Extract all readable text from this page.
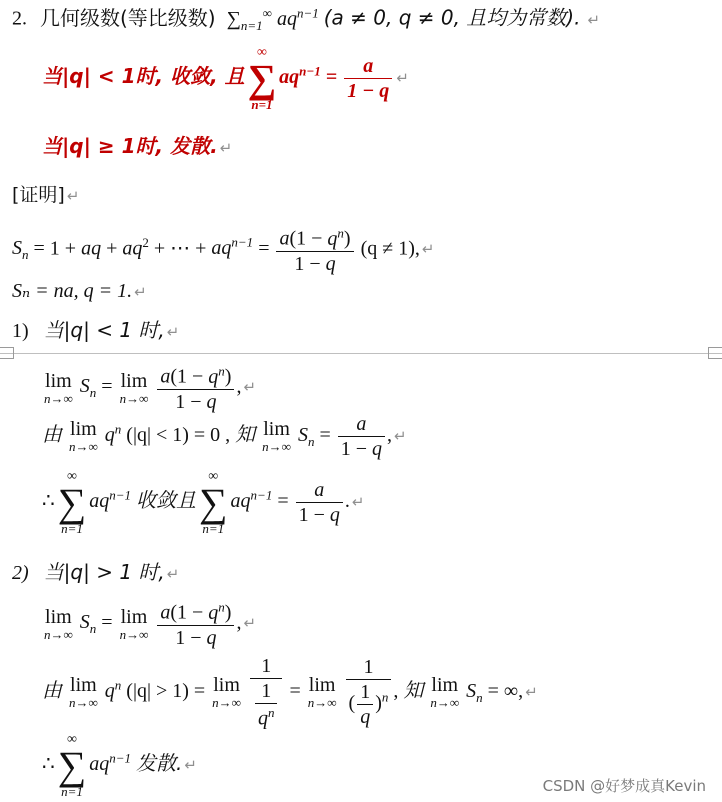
2. 几何级数(等比级数) $\sum_{n=1}^\infty$ $aq^{n-1}$ (a ≠ 0, q ≠ 0, 且均为常数). ↵
当|q| < 1时, 收敛, 且
∞
∑
n=1
$aq^{n-1} = \frac{a}{1 - q}$ ↵
当|q| ≥ 1时, 发散. ↵
[证明] ↵
$S_n = 1$ + aq + $aq^2$ + ⋯ + $aq^{n-1} = \frac{a(1 - q^n)}{1 - q} (q \ne 1)$, ↵
Sₙ = na, q = 1. ↵
1) 当|q| < 1 时, ↵
lim
n→∞
$S_n = \lim$
n→∞
$\frac{a(1 - q^n)}{1 - q}$ , ↵
由 lim
n→∞
$q^n$ (|q| < 1) = 0 , 知 lim
n→∞
$S_n = \frac{a}{1 - q}$ , ↵
∴
∞
∑
n=1
$aq^{n-1}$ 收敛且
∞
∑
n=1
$aq^{n-1} = \frac{a}{1 - q}$ . ↵
2) 当|q| > 1 时, ↵
lim
n→∞
$S_n = \lim$
n→∞
$\frac{a(1 - q^n)}{1 - q}$ , ↵
由 lim
n→∞
$q^n$ (|q| > 1) = lim
n→∞
$\frac{1}{\frac{1}{q^n}} = \lim$
n→∞
$\frac{1}{( \frac{1}{q} )^n}$ , 知 lim
n→∞
$S_n$ = ∞, ↵
∴
∞
∑
n=1
$aq^{n-1}$ 发散. ↵
CSDN @好梦成真Kevin
